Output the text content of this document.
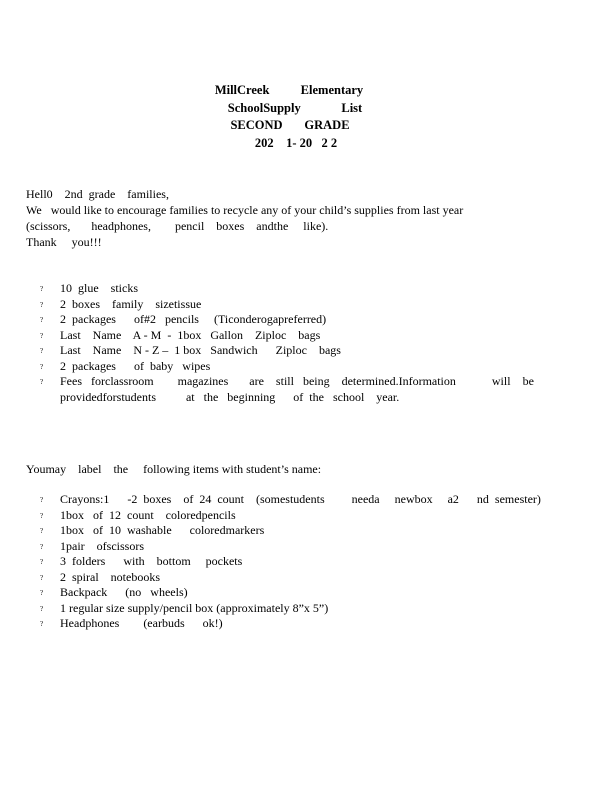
MillCreek          Elementary
SchoolSupply             List
SECOND       GRADE
202    1- 20   2 2

Hell0    2nd  grade    families,

We   would like to encourage families to recycle any of your child’s supplies from last year

(scissors,       headphones,        pencil    boxes    andthe     like).

Thank     you!!!

? 10  glue    sticks
? 2  boxes    family    sizetissue
? 2  packages      of#2   pencils     (Ticonderogapreferred)
? Last    Name    A - M  -  1box   Gallon    Ziploc    bags
? Last    Name    N - Z –  1 box   Sandwich      Ziploc    bags
? 2  packages      of  baby   wipes
? Fees   forclassroom        magazines       are    still   being    determined.Information            will    be
providedforstudents          at   the   beginning      of  the   school    year.
Youmay    label    the     following items with student’s name:
? Crayons:1      -2  boxes    of  24  count    (somestudents         needa     newbox     a2      nd  semester)
? 1box   of  12  count    coloredpencils
? 1box   of  10  washable      coloredmarkers
? 1pair    ofscissors
? 3  folders      with    bottom     pockets
? 2  spiral    notebooks
? Backpack      (no   wheels)
? 1 regular size supply/pencil box (approximately 8”x 5”)
? Headphones        (earbuds      ok!)
